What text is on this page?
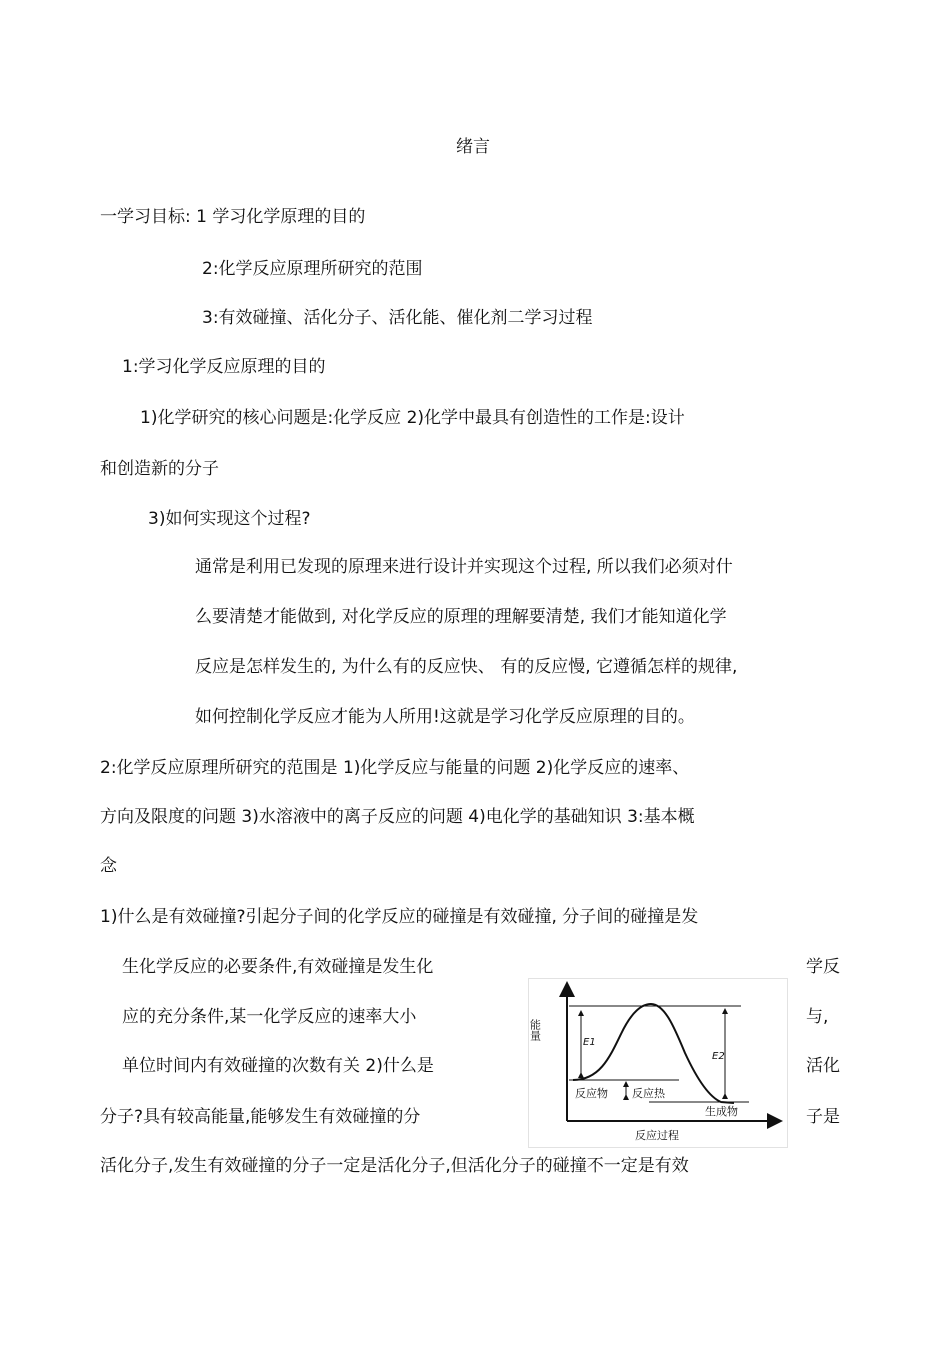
绪言
一学习目标: 1 学习化学原理的目的
2:化学反应原理所研究的范围
3:有效碰撞、活化分子、活化能、催化剂二学习过程
1:学习化学反应原理的目的
1)化学研究的核心问题是:化学反应 2)化学中最具有创造性的工作是:设计
和创造新的分子
3)如何实现这个过程?
通常是利用已发现的原理来进行设计并实现这个过程, 所以我们必须对什
么要清楚才能做到, 对化学反应的原理的理解要清楚, 我们才能知道化学
反应是怎样发生的, 为什么有的反应快、 有的反应慢, 它遵循怎样的规律,
如何控制化学反应才能为人所用!这就是学习化学反应原理的目的。
2:化学反应原理所研究的范围是 1)化学反应与能量的问题 2)化学反应的速率、
方向及限度的问题 3)水溶液中的离子反应的问题 4)电化学的基础知识 3:基本概
念
1)什么是有效碰撞?引起分子间的化学反应的碰撞是有效碰撞, 分子间的碰撞是发
生化学反应的必要条件,有效碰撞是发生化	学反
应的充分条件,某一化学反应的速率大小	与,
单位时间内有效碰撞的次数有关 2)什么是	活化
分子?具有较高能量,能够发生有效碰撞的分	子是
活化分子,发生有效碰撞的分子一定是活化分子,但活化分子的碰撞不一定是有效
能量
E1
E2
反应物 反应热
生成物
反应过程
